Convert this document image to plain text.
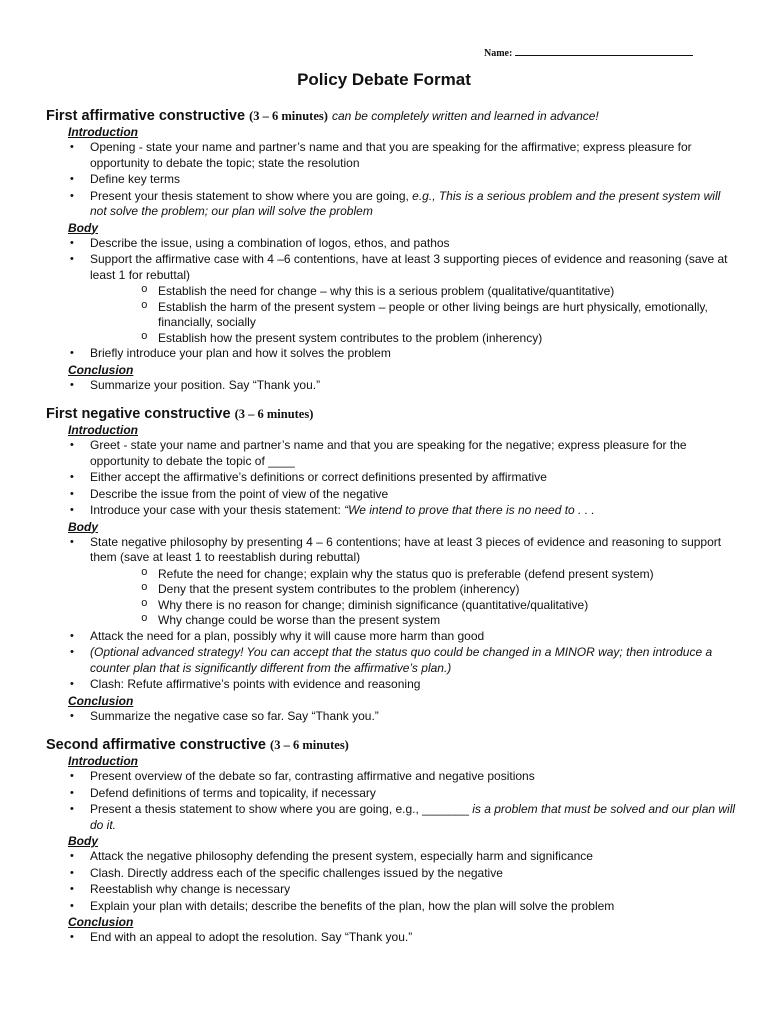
Name:
Policy Debate Format
First affirmative constructive (3 – 6 minutes) can be completely written and learned in advance!
Introduction
• Opening - state your name and partner’s name and that you are speaking for the affirmative; express pleasure for opportunity to debate the topic; state the resolution
• Define key terms
• Present your thesis statement to show where you are going, e.g., This is a serious problem and the present system will not solve the problem; our plan will solve the problem
Body
• Describe the issue, using a combination of logos, ethos, and pathos
• Support the affirmative case with 4 –6 contentions, have at least 3 supporting pieces of evidence and reasoning (save at least 1 for rebuttal)
o Establish the need for change – why this is a serious problem (qualitative/quantitative)
o Establish the harm of the present system – people or other living beings are hurt physically, emotionally, financially, socially
o Establish how the present system contributes to the problem (inherency)
• Briefly introduce your plan and how it solves the problem
Conclusion
• Summarize your position. Say “Thank you.”
First negative constructive (3 – 6 minutes)
Introduction
• Greet - state your name and partner’s name and that you are speaking for the negative; express pleasure for the opportunity to debate the topic of ____
• Either accept the affirmative’s definitions or correct definitions presented by affirmative
• Describe the issue from the point of view of the negative
• Introduce your case with your thesis statement: “We intend to prove that there is no need to . . .
Body
• State negative philosophy by presenting 4 – 6 contentions; have at least 3 pieces of evidence and reasoning to support them (save at least 1 to reestablish during rebuttal)
o Refute the need for change; explain why the status quo is preferable (defend present system)
o Deny that the present system contributes to the problem (inherency)
o Why there is no reason for change; diminish significance (quantitative/qualitative)
o Why change could be worse than the present system
• Attack the need for a plan, possibly why it will cause more harm than good
• (Optional advanced strategy! You can accept that the status quo could be changed in a MINOR way; then introduce a counter plan that is significantly different from the affirmative’s plan.)
• Clash: Refute affirmative’s points with evidence and reasoning
Conclusion
• Summarize the negative case so far. Say “Thank you.”
Second affirmative constructive (3 – 6 minutes)
Introduction
• Present overview of the debate so far, contrasting affirmative and negative positions
• Defend definitions of terms and topicality, if necessary
• Present a thesis statement to show where you are going, e.g., _______ is a problem that must be solved and our plan will do it.
Body
• Attack the negative philosophy defending the present system, especially harm and significance
• Clash. Directly address each of the specific challenges issued by the negative
• Reestablish why change is necessary
• Explain your plan with details; describe the benefits of the plan, how the plan will solve the problem
Conclusion
• End with an appeal to adopt the resolution. Say “Thank you.”
